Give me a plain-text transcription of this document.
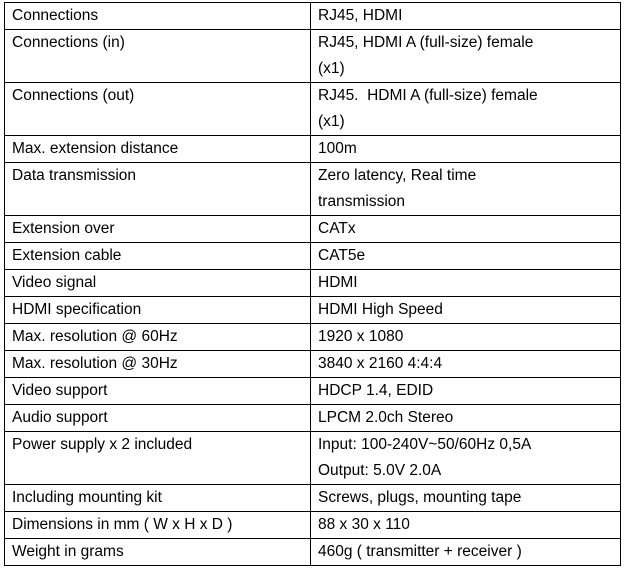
Connections	RJ45, HDMI

Connections (in)	RJ45, HDMI A (full-size) female
(x1)

Connections (out)	RJ45.  HDMI A (full-size) female
(x1)

Max. extension distance	100m

Data transmission	Zero latency, Real time
transmission

Extension over	CATx

Extension cable	CAT5e

Video signal	HDMI

HDMI specification	HDMI High Speed

Max. resolution @ 60Hz	1920 x 1080

Max. resolution @ 30Hz	3840 x 2160 4:4:4

Video support	HDCP 1.4, EDID

Audio support	LPCM 2.0ch Stereo

Power supply x 2 included	Input: 100-240V~50/60Hz 0,5A
Output: 5.0V 2.0A

Including mounting kit	Screws, plugs, mounting tape

Dimensions in mm ( W x H x D )	88 x 30 x 110

Weight in grams	460g ( transmitter + receiver )
